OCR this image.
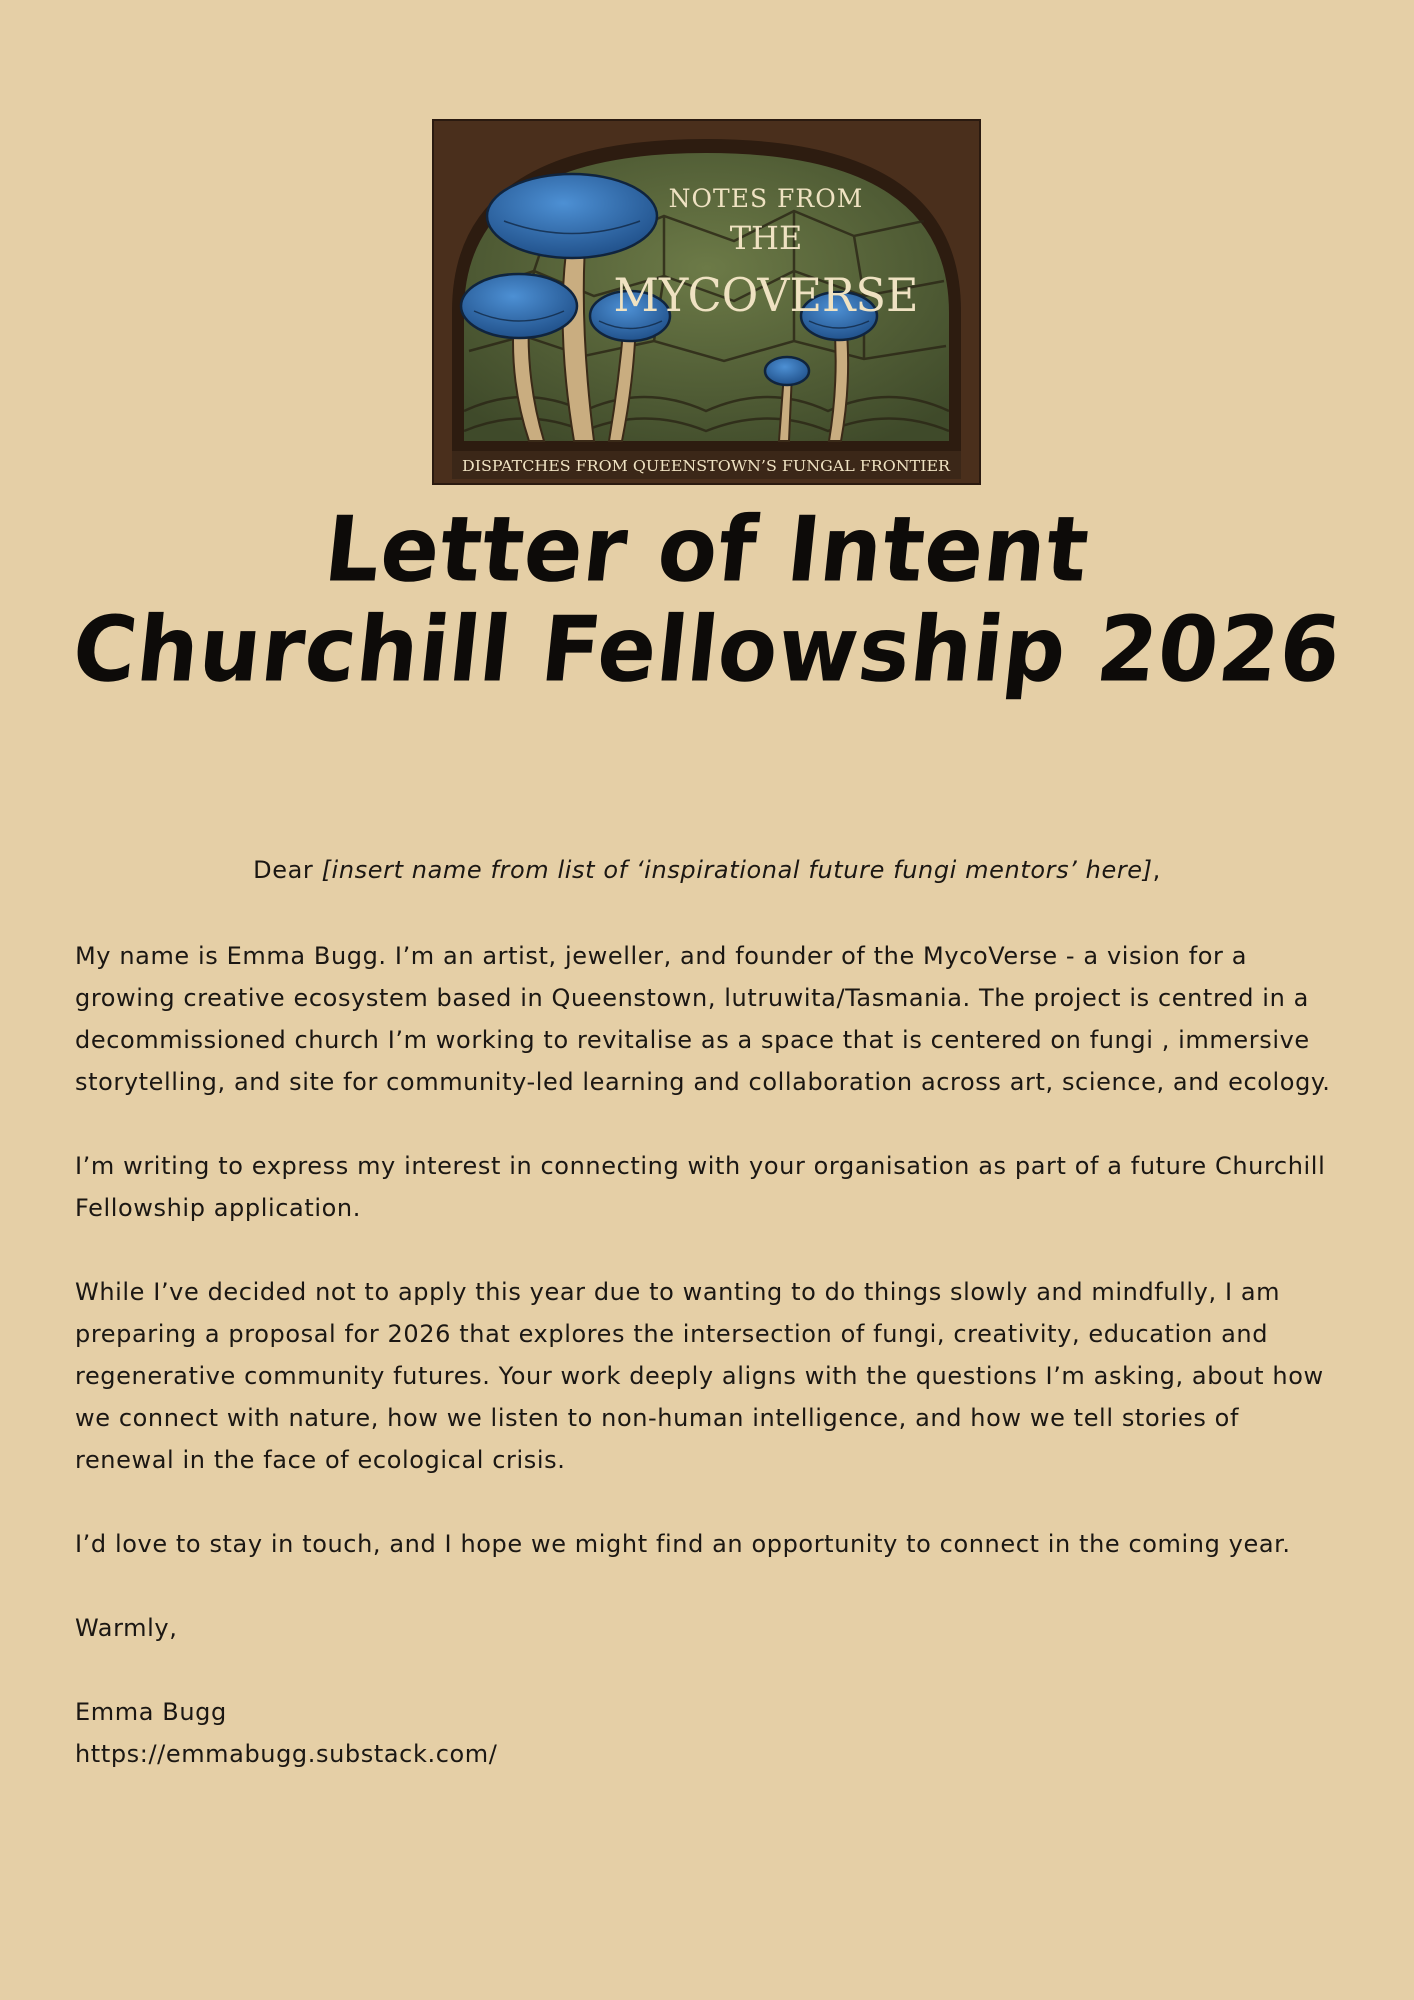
NOTES FROM
THE
MYCOVERSE
DISPATCHES FROM QUEENSTOWN’S FUNGAL FRONTIER
Letter of Intent
Churchill Fellowship 2026
Dear [insert name from list of ‘inspirational future fungi mentors’ here],

My name is Emma Bugg. I’m an artist, jeweller, and founder of the MycoVerse - a vision for a growing creative ecosystem based in Queenstown, lutruwita/Tasmania. The project is centred in a decommissioned church I’m working to revitalise as a space that is centered on fungi , immersive storytelling, and site for community-led learning and collaboration across art, science, and ecology.

I’m writing to express my interest in connecting with your organisation as part of a future Churchill Fellowship application.

While I’ve decided not to apply this year due to wanting to do things slowly and mindfully, I am preparing a proposal for 2026 that explores the intersection of fungi, creativity, education and regenerative community futures. Your work deeply aligns with the questions I’m asking, about how we connect with nature, how we listen to non-human intelligence, and how we tell stories of renewal in the face of ecological crisis.

I’d love to stay in touch, and I hope we might find an opportunity to connect in the coming year.

Warmly,

Emma Bugg

https://emmabugg.substack.com/
